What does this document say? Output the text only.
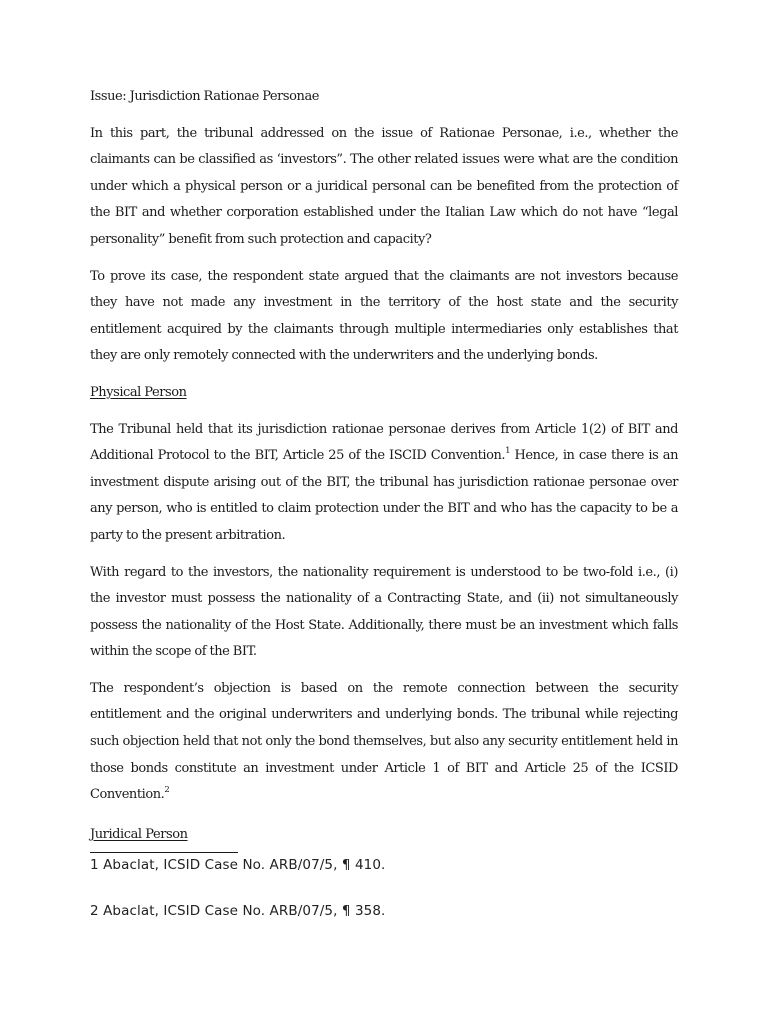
Issue: Jurisdiction Rationae Personae

In this part, the tribunal addressed on the issue of Rationae Personae, i.e., whether the claimants can be classified as ‘investors”. The other related issues were what are the condition under which a physical person or a juridical personal can be benefited from the protection of the BIT and whether corporation established under the Italian Law which do not have “legal personality” benefit from such protection and capacity?

To prove its case, the respondent state argued that the claimants are not investors because they have not made any investment in the territory of the host state and the security entitlement acquired by the claimants through multiple intermediaries only establishes that they are only remotely connected with the underwriters and the underlying bonds.

Physical Person

The Tribunal held that its jurisdiction rationae personae derives from Article 1(2) of BIT and Additional Protocol to the BIT, Article 25 of the ISCID Convention.$^1$ Hence, in case there is an investment dispute arising out of the BIT, the tribunal has jurisdiction rationae personae over any person, who is entitled to claim protection under the BIT and who has the capacity to be a party to the present arbitration.

With regard to the investors, the nationality requirement is understood to be two-fold i.e., (i) the investor must possess the nationality of a Contracting State, and (ii) not simultaneously possess the nationality of the Host State. Additionally, there must be an investment which falls within the scope of the BIT.

The respondent’s objection is based on the remote connection between the security entitlement and the original underwriters and underlying bonds. The tribunal while rejecting such objection held that not only the bond themselves, but also any security entitlement held in those bonds constitute an investment under Article 1 of BIT and Article 25 of the ICSID Convention.$^2$

Juridical Person

1 Abaclat, ICSID Case No. ARB/07/5, ¶ 410.

2 Abaclat, ICSID Case No. ARB/07/5, ¶ 358.
